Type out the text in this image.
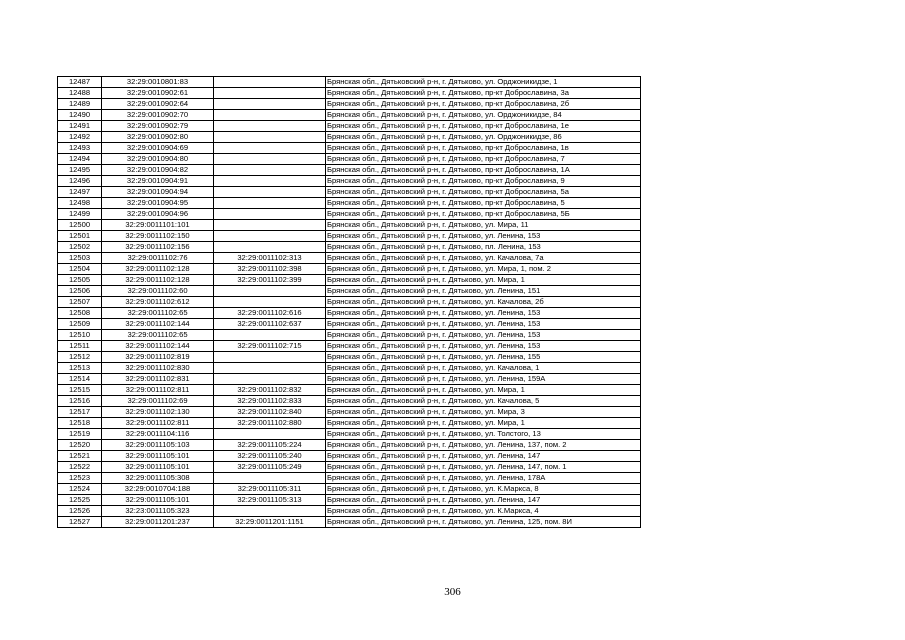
12487	32:29:0010801:83		Брянская обл., Дятьковский р-н, г. Дятьково, ул. Орджоникидзе, 1
12488	32:29:0010902:61		Брянская обл., Дятьковский р-н, г. Дятьково, пр-кт Доброславина, 3а
12489	32:29:0010902:64		Брянская обл., Дятьковский р-н, г. Дятьково, пр-кт Доброславина, 2б
12490	32:29:0010902:70		Брянская обл., Дятьковский р-н, г. Дятьково, ул. Орджоникидзе, 84
12491	32:29:0010902:79		Брянская обл., Дятьковский р-н, г. Дятьково, пр-кт Доброславина, 1е
12492	32:29:0010902:80		Брянская обл., Дятьковский р-н, г. Дятьково, ул. Орджоникидзе, 86
12493	32:29:0010904:69		Брянская обл., Дятьковский р-н, г. Дятьково, пр-кт Доброславина, 1в
12494	32:29:0010904:80		Брянская обл., Дятьковский р-н, г. Дятьково, пр-кт Доброславина, 7
12495	32:29:0010904:82		Брянская обл., Дятьковский р-н, г. Дятьково, пр-кт Доброславина, 1А
12496	32:29:0010904:91		Брянская обл., Дятьковский р-н, г. Дятьково, пр-кт Доброславина, 9
12497	32:29:0010904:94		Брянская обл., Дятьковский р-н, г. Дятьково, пр-кт Доброславина, 5а
12498	32:29:0010904:95		Брянская обл., Дятьковский р-н, г. Дятьково, пр-кт Доброславина, 5
12499	32:29:0010904:96		Брянская обл., Дятьковский р-н, г. Дятьково, пр-кт Доброславина, 5Б
12500	32:29:0011101:101		Брянская обл., Дятьковский р-н, г. Дятьково, ул. Мира, 11
12501	32:29:0011102:150		Брянская обл., Дятьковский р-н, г. Дятьково, ул. Ленина, 153
12502	32:29:0011102:156		Брянская обл., Дятьковский р-н, г. Дятьково, пл. Ленина, 153
12503	32:29:0011102:76	32:29:0011102:313	Брянская обл., Дятьковский р-н, г. Дятьково, ул. Качалова, 7а
12504	32:29:0011102:128	32:29:0011102:398	Брянская обл., Дятьковский р-н, г. Дятьково, ул. Мира, 1, пом. 2
12505	32:29:0011102:128	32:29:0011102:399	Брянская обл., Дятьковский р-н, г. Дятьково, ул. Мира, 1
12506	32:29:0011102:60		Брянская обл., Дятьковский р-н, г. Дятьково, ул. Ленина, 151
12507	32:29:0011102:612		Брянская обл., Дятьковский р-н, г. Дятьково, ул. Качалова, 2б
12508	32:29:0011102:65	32:29:0011102:616	Брянская обл., Дятьковский р-н, г. Дятьково, ул. Ленина, 153
12509	32:29:0011102:144	32:29:0011102:637	Брянская обл., Дятьковский р-н, г. Дятьково, ул. Ленина, 153
12510	32:29:0011102:65		Брянская обл., Дятьковский р-н, г. Дятьково, ул. Ленина, 153
12511	32:29:0011102:144	32:29:0011102:715	Брянская обл., Дятьковский р-н, г. Дятьково, ул. Ленина, 153
12512	32:29:0011102:819		Брянская обл., Дятьковский р-н, г. Дятьково, ул. Ленина, 155
12513	32:29:0011102:830		Брянская обл., Дятьковский р-н, г. Дятьково, ул. Качалова, 1
12514	32:29:0011102:831		Брянская обл., Дятьковский р-н, г. Дятьково, ул. Ленина, 159А
12515	32:29:0011102:811	32:29:0011102:832	Брянская обл., Дятьковский р-н, г. Дятьково, ул. Мира, 1
12516	32:29:0011102:69	32:29:0011102:833	Брянская обл., Дятьковский р-н, г. Дятьково, ул. Качалова, 5
12517	32:29:0011102:130	32:29:0011102:840	Брянская обл., Дятьковский р-н, г. Дятьково, ул. Мира, 3
12518	32:29:0011102:811	32:29:0011102:880	Брянская обл., Дятьковский р-н, г. Дятьково, ул. Мира, 1
12519	32:29:0011104:116		Брянская обл., Дятьковский р-н, г. Дятьково, ул. Толстого, 13
12520	32:29:0011105:103	32:29:0011105:224	Брянская обл., Дятьковский р-н, г. Дятьково, ул. Ленина, 137, пом. 2
12521	32:29:0011105:101	32:29:0011105:240	Брянская обл., Дятьковский р-н, г. Дятьково, ул. Ленина, 147
12522	32:29:0011105:101	32:29:0011105:249	Брянская обл., Дятьковский р-н, г. Дятьково, ул. Ленина, 147, пом. 1
12523	32:29:0011105:308		Брянская обл., Дятьковский р-н, г. Дятьково, ул. Ленина, 178А
12524	32:29:0010704:188	32:29:0011105:311	Брянская обл., Дятьковский р-н, г. Дятьково, ул. К.Маркса, 8
12525	32:29:0011105:101	32:29:0011105:313	Брянская обл., Дятьковский р-н, г. Дятьково, ул. Ленина, 147
12526	32:23:0011105:323		Брянская обл., Дятьковский р-н, г. Дятьково, ул. К.Маркса, 4
12527	32:29:0011201:237	32:29:0011201:1151	Брянская обл., Дятьковский р-н, г. Дятьково, ул. Ленина, 125, пом. 8И
306
